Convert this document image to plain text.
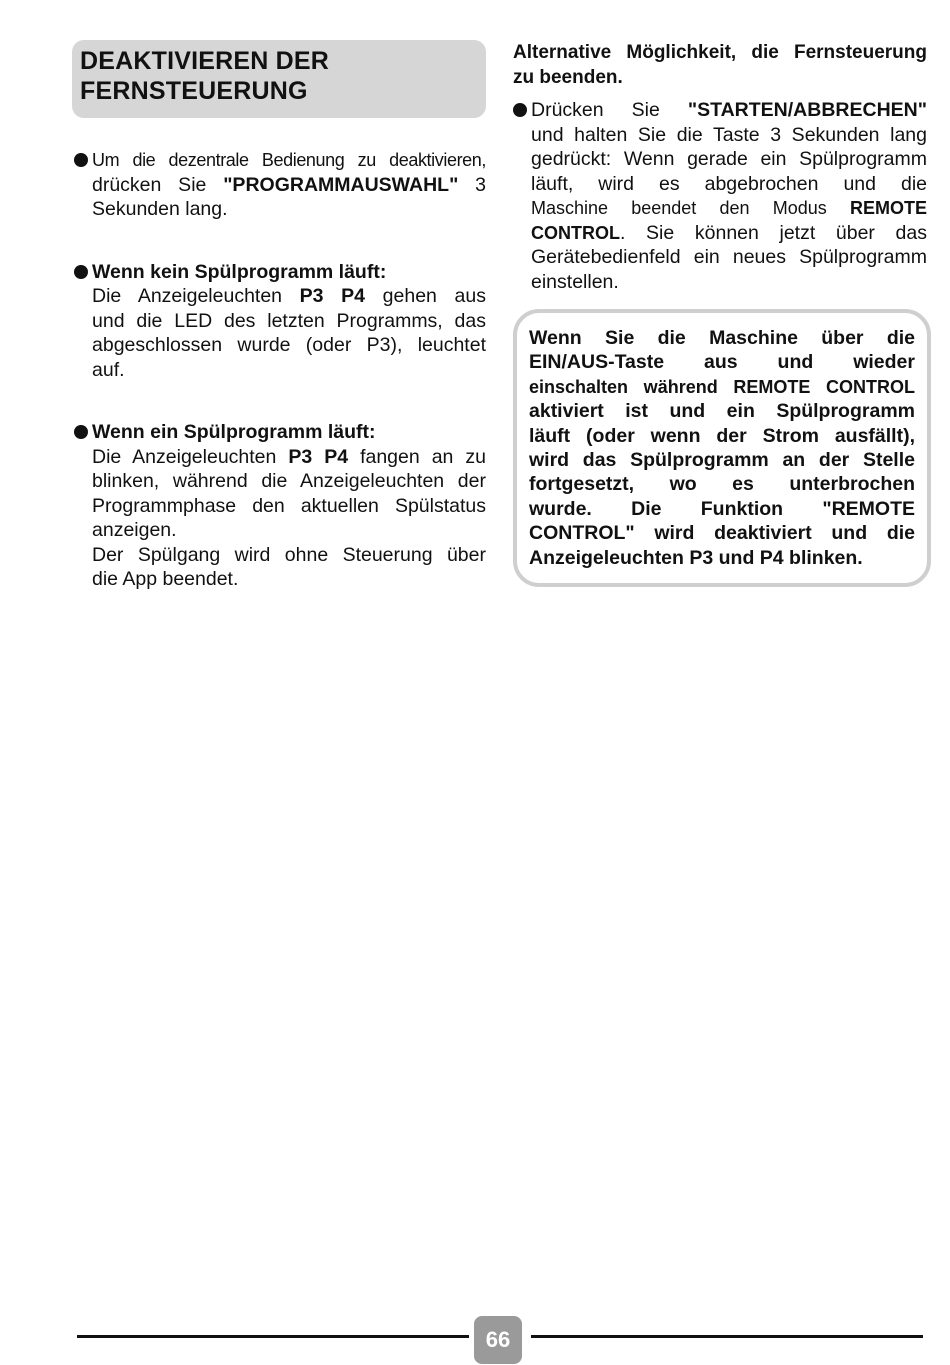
DEAKTIVIEREN DER
FERNSTEUERUNG
Um die dezentrale Bedienung zu deaktivieren,
drücken Sie "PROGRAMMAUSWAHL" 3
Sekunden lang.
Wenn kein Spülprogramm läuft:
Die Anzeigeleuchten P3 P4 gehen aus
und die LED des letzten Programms, das
abgeschlossen wurde (oder P3), leuchtet
auf.
Wenn ein Spülprogramm läuft:
Die Anzeigeleuchten P3 P4 fangen an zu
blinken, während die Anzeigeleuchten der
Programmphase den aktuellen Spülstatus
anzeigen.
Der Spülgang wird ohne Steuerung über
die App beendet.
Alternative Möglichkeit, die Fernsteuerung
zu beenden.
Drücken Sie "STARTEN/ABBRECHEN"
und halten Sie die Taste 3 Sekunden lang
gedrückt: Wenn gerade ein Spülprogramm
läuft, wird es abgebrochen und die
Maschine beendet den Modus REMOTE
CONTROL. Sie können jetzt über das
Gerätebedienfeld ein neues Spülprogramm
einstellen.
Wenn Sie die Maschine über die
EIN/AUS-Taste aus und wieder
einschalten während REMOTE CONTROL
aktiviert ist und ein Spülprogramm
läuft (oder wenn der Strom ausfällt),
wird das Spülprogramm an der Stelle
fortgesetzt, wo es unterbrochen
wurde. Die Funktion "REMOTE
CONTROL" wird deaktiviert und die
Anzeigeleuchten P3 und P4 blinken.
66
